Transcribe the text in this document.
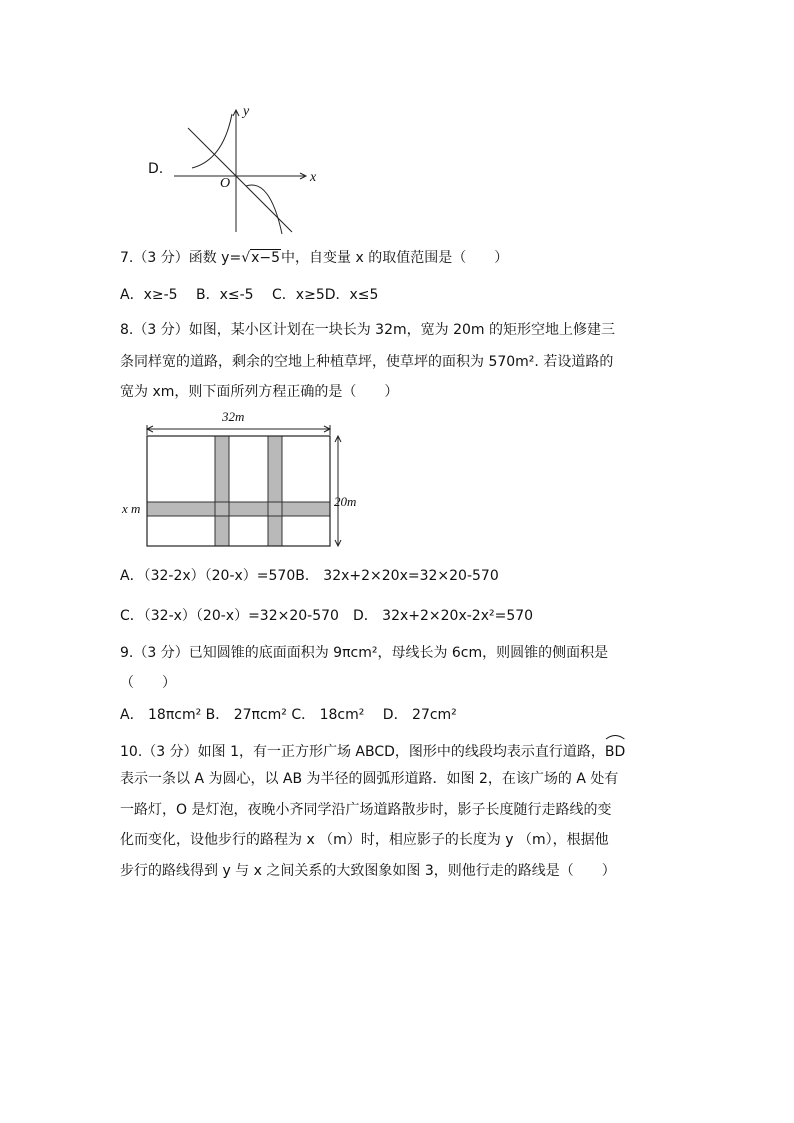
D.
y
x
O
7.（3 分）函数 y=√x−5中，自变量 x 的取值范围是（　　）
A．x≥-5　 B．x≤-5　 C．x≥5D．x≤5
8.（3 分）如图，某小区计划在一块长为 32m，宽为 20m 的矩形空地上修建三
条同样宽的道路，剩余的空地上种植草坪，使草坪的面积为 570m². 若设道路的
宽为 xm，则下面所列方程正确的是（　　）
32m
20m
x m
A．（32-2x）（20-x）=570B． 32x+2×20x=32×20-570
C．（32-x）（20-x）=32×20-570　 D． 32x+2×20x-2x²=570
9.（3 分）已知圆锥的底面面积为 9πcm²，母线长为 6cm，则圆锥的侧面积是
（　　）
A． 18πcm² B． 27πcm² C． 18cm²　 D． 27cm²
10.（3 分）如图 1，有一正方形广场 ABCD，图形中的线段均表示直行道路，
BD
表示一条以 A 为圆心，以 AB 为半径的圆弧形道路．如图 2，在该广场的 A 处有
一路灯，O 是灯泡，夜晚小齐同学沿广场道路散步时，影子长度随行走路线的变
化而变化，设他步行的路程为 x （m）时，相应影子的长度为 y （m），根据他
步行的路线得到 y 与 x 之间关系的大致图象如图 3，则他行走的路线是（　　）
